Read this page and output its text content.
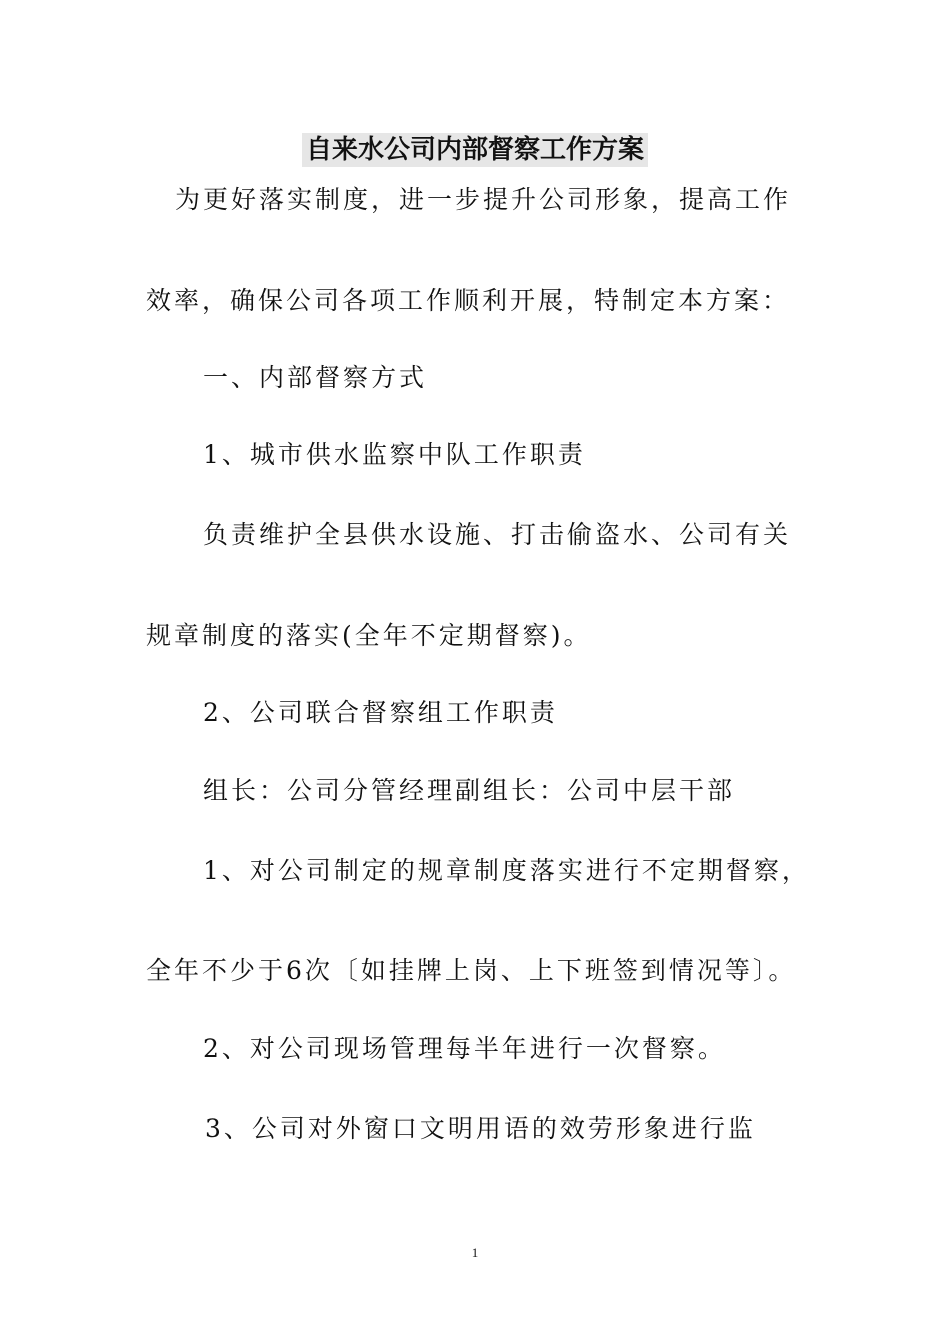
自来水公司内部督察工作方案
为更好落实制度，进一步提升公司形象，提高工作
效率，确保公司各项工作顺利开展，特制定本方案：
一、内部督察方式
1、城市供水监察中队工作职责
负责维护全县供水设施、打击偷盗水、公司有关
规章制度的落实(全年不定期督察)。
2、公司联合督察组工作职责
组长：公司分管经理副组长：公司中层干部
1、对公司制定的规章制度落实进行不定期督察，
全年不少于6次〔如挂牌上岗、上下班签到情况等〕。
2、对公司现场管理每半年进行一次督察。
3、公司对外窗口文明用语的效劳形象进行监
1
